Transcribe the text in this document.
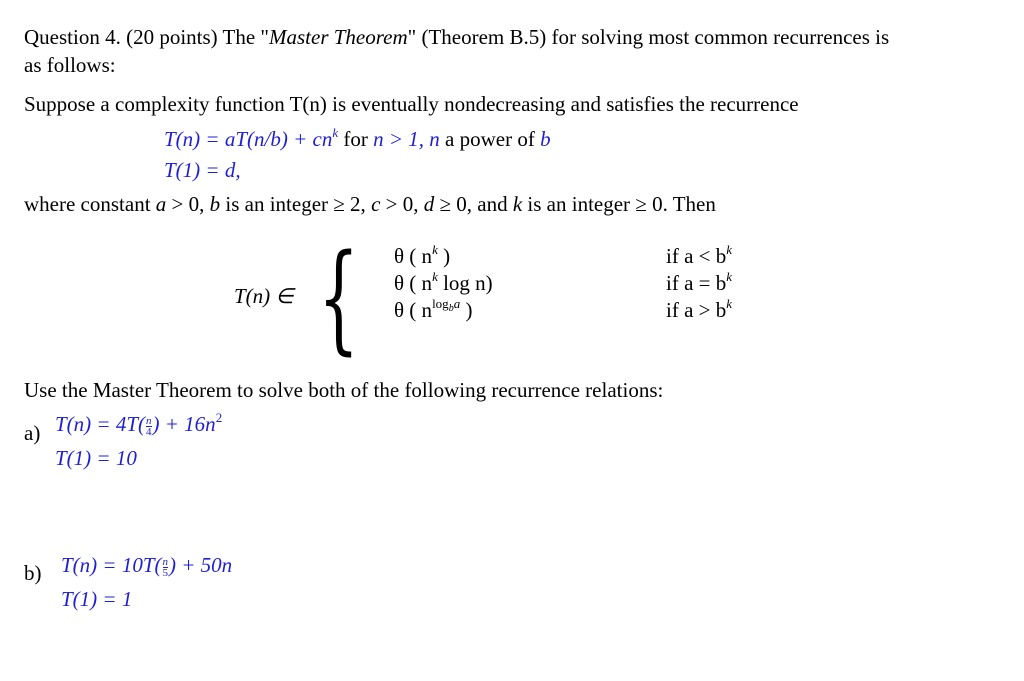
Question 4. (20 points) The "Master Theorem" (Theorem B.5) for solving most common recurrences is
as follows:
Suppose a complexity function T(n) is eventually nondecreasing and satisfies the recurrence
$T(n) = aT(n/b) + cn^k$ for n > 1, n a power of b
T(1) = d,
where constant a > 0, b is an integer ≥ 2, c > 0, d ≥ 0, and k is an integer ≥ 0. Then
T(n) ∈ { θ ( $n^k$ )
θ ( $n^k$ log n)
θ ( $n^{log_ba}$ )
if $a < b^k$
if $a = b^k$
if $a > b^k$
Use the Master Theorem to solve both of the following recurrence relations:
a) $T(n) = 4T( \frac{n}{4}$ ) + $16n^2$
T(1) = 10
b) $T(n) = 10T( \frac{n}{5}$ ) + 50n
T(1) = 1
